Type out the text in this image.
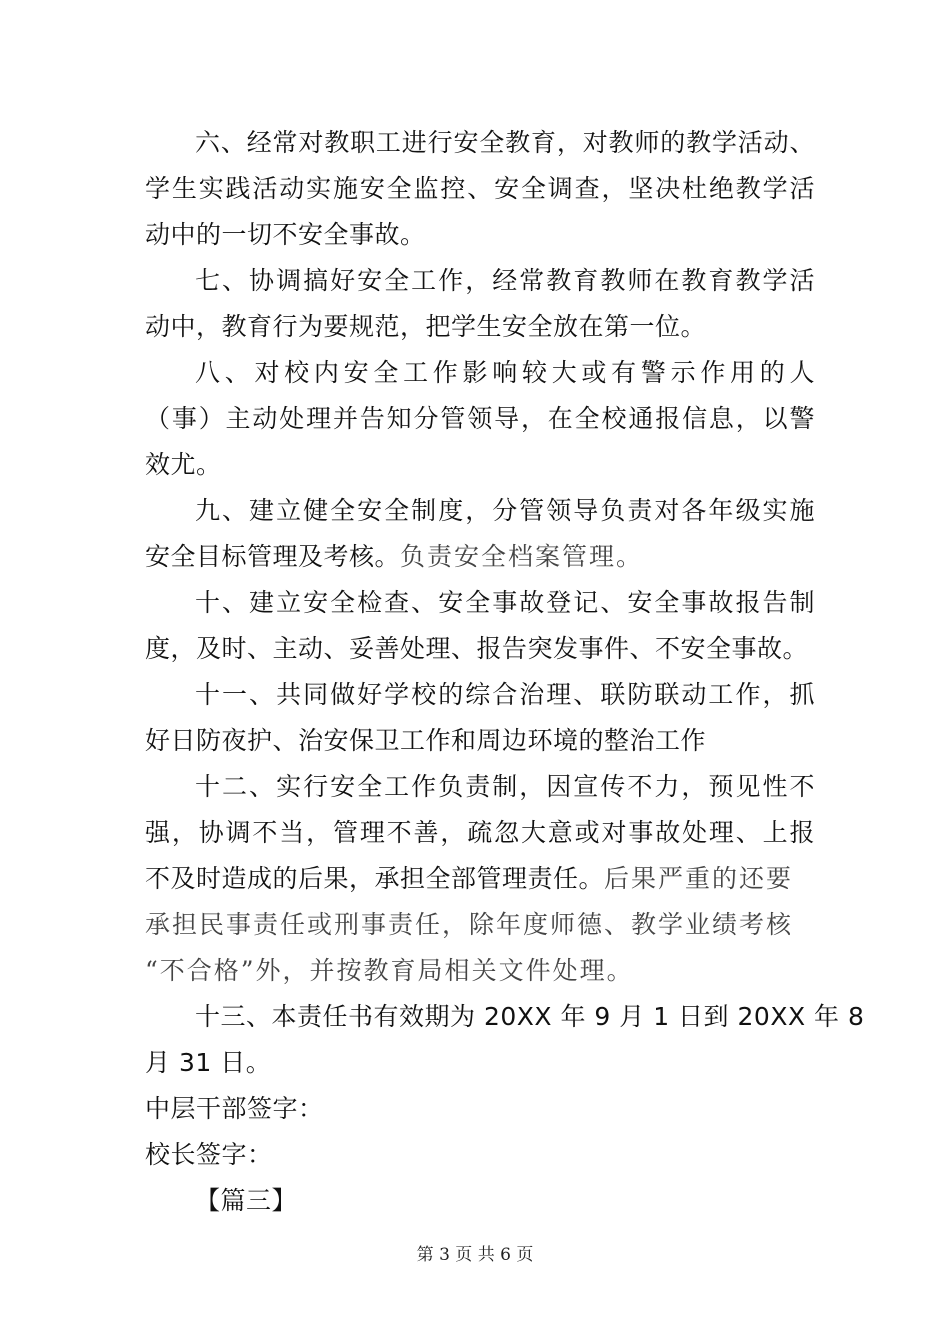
六、经常对教职工进行安全教育，对教师的教学活动、
学生实践活动实施安全监控、安全调查，坚决杜绝教学活
动中的一切不安全事故。
七、协调搞好安全工作，经常教育教师在教育教学活
动中，教育行为要规范，把学生安全放在第一位。
八、对校内安全工作影响较大或有警示作用的人
（事）主动处理并告知分管领导，在全校通报信息，以警
效尤。
九、建立健全安全制度，分管领导负责对各年级实施
安全目标管理及考核。负责安全档案管理。
十、建立安全检查、安全事故登记、安全事故报告制
度，及时、主动、妥善处理、报告突发事件、不安全事故。
十一、共同做好学校的综合治理、联防联动工作，抓
好日防夜护、治安保卫工作和周边环境的整治工作
十二、实行安全工作负责制，因宣传不力，预见性不
强，协调不当，管理不善，疏忽大意或对事故处理、上报
不及时造成的后果，承担全部管理责任。后果严重的还要
承担民事责任或刑事责任，除年度师德、教学业绩考核
“不合格”外，并按教育局相关文件处理。
十三、本责任书有效期为 20XX 年 9 月 1 日到 20XX 年 8
月 31 日。
中层干部签字：
校长签字：
【篇三】
第 3 页 共 6 页
